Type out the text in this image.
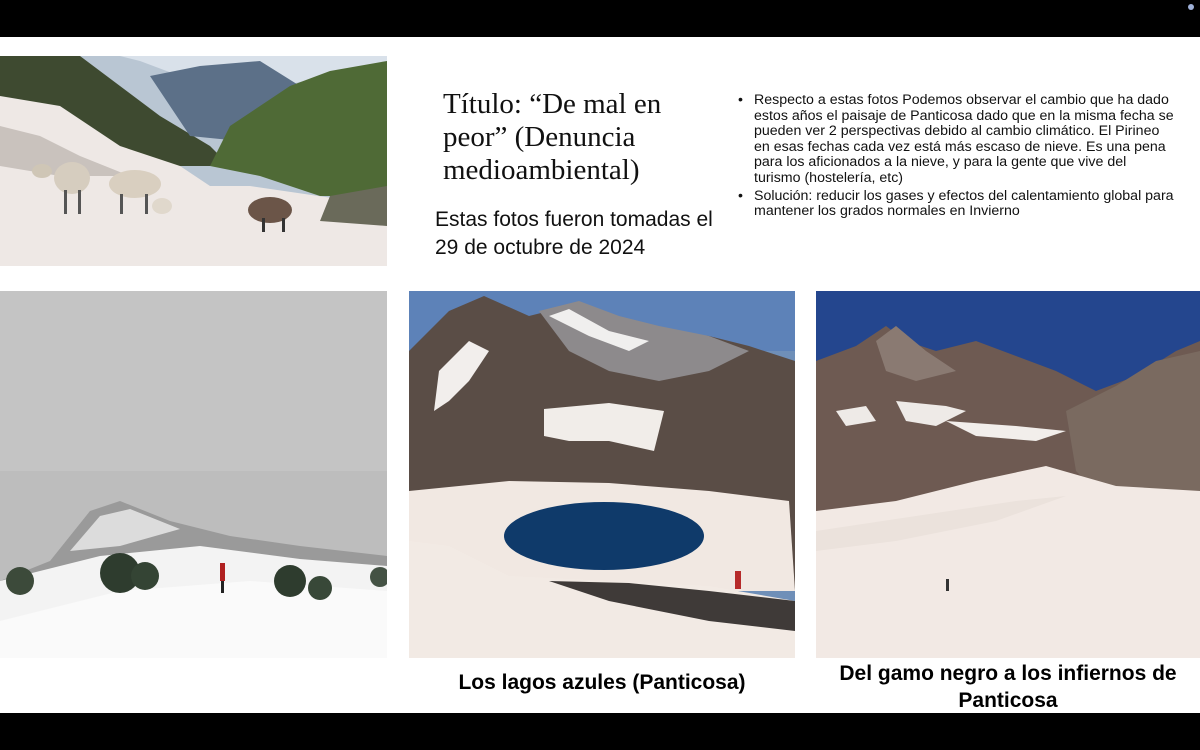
Título: “De mal en peor” (Denuncia medioambiental)
Estas fotos fueron tomadas el 29 de octubre de 2024
• Respecto a estas fotos Podemos observar el cambio que ha dado estos años el paisaje de Panticosa dado que en la misma fecha se pueden ver 2 perspectivas debido al cambio climático. El Pirineo en esas fechas cada vez está más escaso de nieve. Es una pena para los aficionados a la nieve, y para la gente que vive del turismo (hostelería, etc)
• Solución: reducir los gases y efectos del calentamiento global para mantener los grados normales en Invierno
Los lagos azules (Panticosa)	Del gamo negro a los infiernos de Panticosa
